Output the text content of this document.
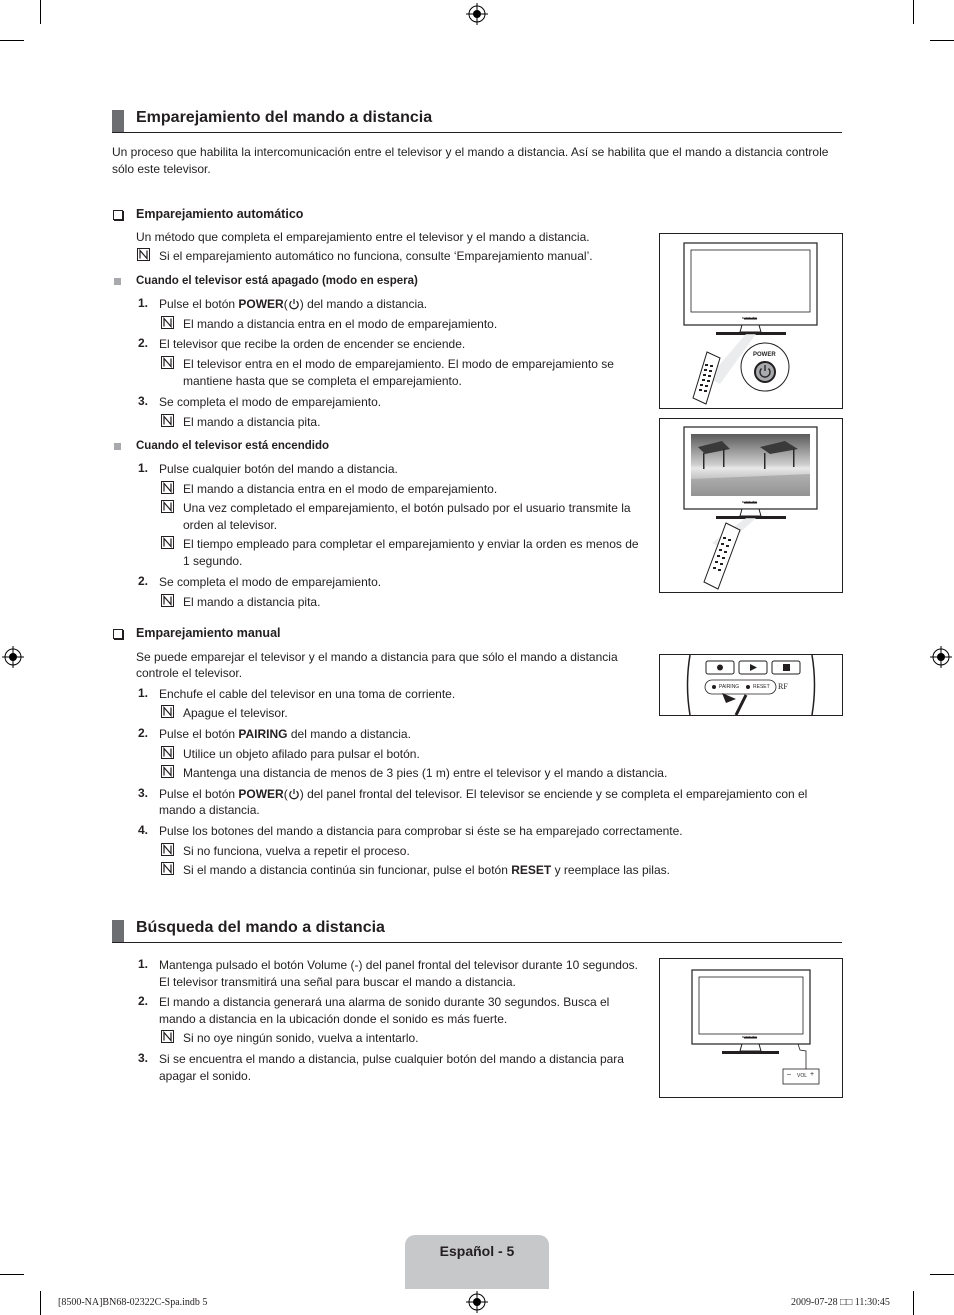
Emparejamiento del mando a distancia
Un proceso que habilita la intercomunicación entre el televisor y el mando a distancia. Así se habilita que el mando a distancia controle
sólo este televisor.
Emparejamiento automático
Un método que completa el emparejamiento entre el televisor y el mando a distancia.
Si el emparejamiento automático no funciona, consulte ‘Emparejamiento manual’.
Cuando el televisor está apagado (modo en espera)
1. Pulse el botón POWER( ) del mando a distancia.
El mando a distancia entra en el modo de emparejamiento.
2. El televisor que recibe la orden de encender se enciende.
El televisor entra en el modo de emparejamiento. El modo de emparejamiento se
mantiene hasta que se completa el emparejamiento.
3. Se completa el modo de emparejamiento.
El mando a distancia pita.
Cuando el televisor está encendido
1. Pulse cualquier botón del mando a distancia.
El mando a distancia entra en el modo de emparejamiento.
Una vez completado el emparejamiento, el botón pulsado por el usuario transmite la
orden al televisor.
El tiempo empleado para completar el emparejamiento y enviar la orden es menos de
1 segundo.
2. Se completa el modo de emparejamiento.
El mando a distancia pita.
Emparejamiento manual
Se puede emparejar el televisor y el mando a distancia para que sólo el mando a distancia
controle el televisor.
1. Enchufe el cable del televisor en una toma de corriente.
Apague el televisor.
2. Pulse el botón PAIRING del mando a distancia.
Utilice un objeto afilado para pulsar el botón.
Mantenga una distancia de menos de 3 pies (1 m) entre el televisor y el mando a distancia.
3. Pulse el botón POWER( ) del panel frontal del televisor. El televisor se enciende y se completa el emparejamiento con el
mando a distancia.
4. Pulse los botones del mando a distancia para comprobar si éste se ha emparejado correctamente.
Si no funciona, vuelva a repetir el proceso.
Si el mando a distancia continúa sin funcionar, pulse el botón RESET y reemplace las pilas.
Búsqueda del mando a distancia
1. Mantenga pulsado el botón Volume (-) del panel frontal del televisor durante 10 segundos.
El televisor transmitirá una señal para buscar el mando a distancia.
2. El mando a distancia generará una alarma de sonido durante 30 segundos. Busca el
mando a distancia en la ubicación donde el sonido es más fuerte.
Si no oye ningún sonido, vuelva a intentarlo.
3. Si se encuentra el mando a distancia, pulse cualquier botón del mando a distancia para
apagar el sonido.
POWER
SAMSUNG
SAMSUNG
PAIRING	RESET RF
SAMSUNG
– VOL +
Español - 5
[8500-NA]BN68-02322C-Spa.indb 5	2009-07-28 □□ 11:30:45
